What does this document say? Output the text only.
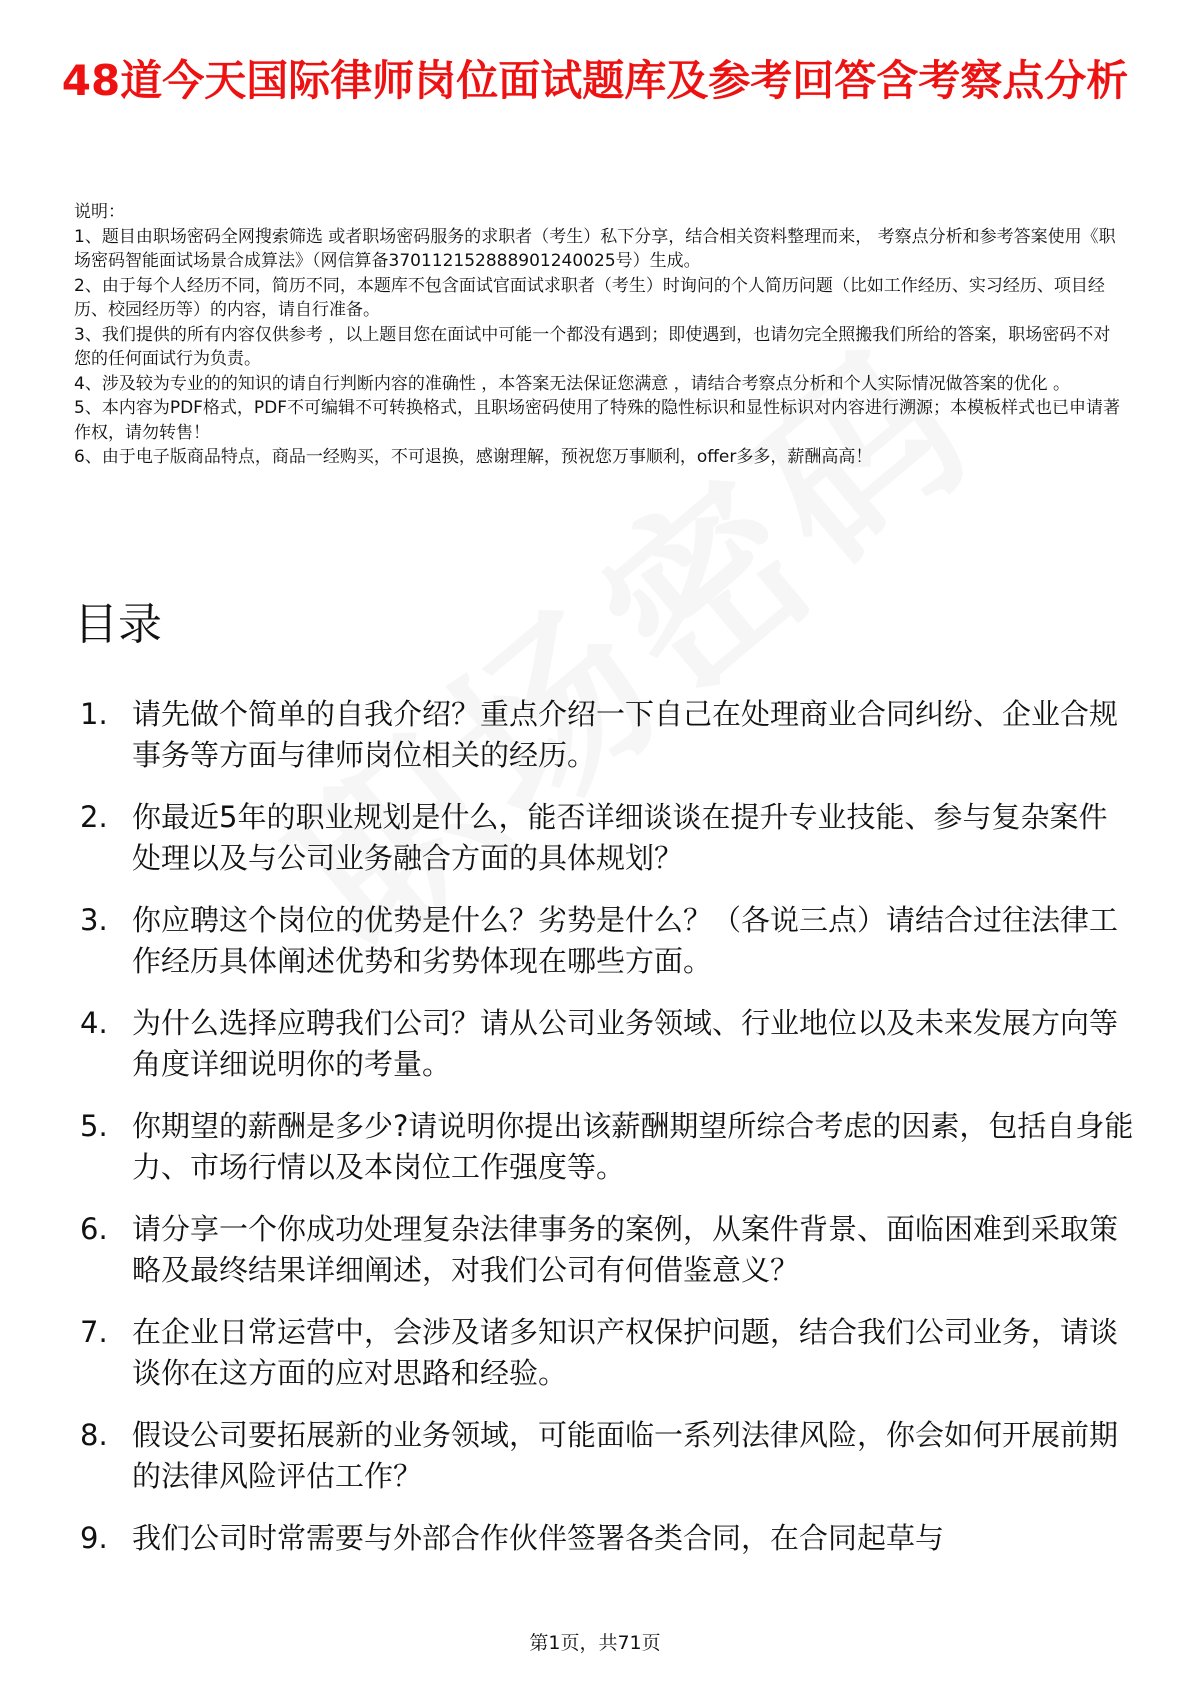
48道今天国际律师岗位面试题库及参考回答含考察点分析

说明：

1、题目由职场密码全网搜索筛选 或者职场密码服务的求职者（考生）私下分享，结合相关资料整理而来， 考察点分析和参考答案使用《职场密码智能面试场景合成算法》（网信算备370112152888901240025号）生成。

2、由于每个人经历不同，简历不同，本题库不包含面试官面试求职者（考生）时询问的个人简历问题（比如工作经历、实习经历、项目经历、校园经历等）的内容，请自行准备。

3、我们提供的所有内容仅供参考 ，以上题目您在面试中可能一个都没有遇到；即使遇到，也请勿完全照搬我们所给的答案，职场密码不对您的任何面试行为负责。

4、涉及较为专业的的知识的请自行判断内容的准确性 ，本答案无法保证您满意 ，请结合考察点分析和个人实际情况做答案的优化 。

5、本内容为PDF格式，PDF不可编辑不可转换格式，且职场密码使用了特殊的隐性标识和显性标识对内容进行溯源；本模板样式也已申请著作权，请勿转售！

6、由于电子版商品特点，商品一经购买，不可退换，感谢理解，预祝您万事顺利，offer多多，薪酬高高！

目录
1. 请先做个简单的自我介绍？重点介绍一下自己在处理商业合同纠纷、企业合规事务等方面与律师岗位相关的经历。
2. 你最近5年的职业规划是什么，能否详细谈谈在提升专业技能、参与复杂案件处理以及与公司业务融合方面的具体规划？
3. 你应聘这个岗位的优势是什么？劣势是什么？（各说三点）请结合过往法律工作经历具体阐述优势和劣势体现在哪些方面。
4. 为什么选择应聘我们公司？请从公司业务领域、行业地位以及未来发展方向等角度详细说明你的考量。
5. 你期望的薪酬是多少?请说明你提出该薪酬期望所综合考虑的因素，包括自身能力、市场行情以及本岗位工作强度等。
6. 请分享一个你成功处理复杂法律事务的案例，从案件背景、面临困难到采取策略及最终结果详细阐述，对我们公司有何借鉴意义？
7. 在企业日常运营中，会涉及诸多知识产权保护问题，结合我们公司业务，请谈谈你在这方面的应对思路和经验。
8. 假设公司要拓展新的业务领域，可能面临一系列法律风险，你会如何开展前期的法律风险评估工作？
9. 我们公司时常需要与外部合作伙伴签署各类合同，在合同起草与
第1页，共71页
